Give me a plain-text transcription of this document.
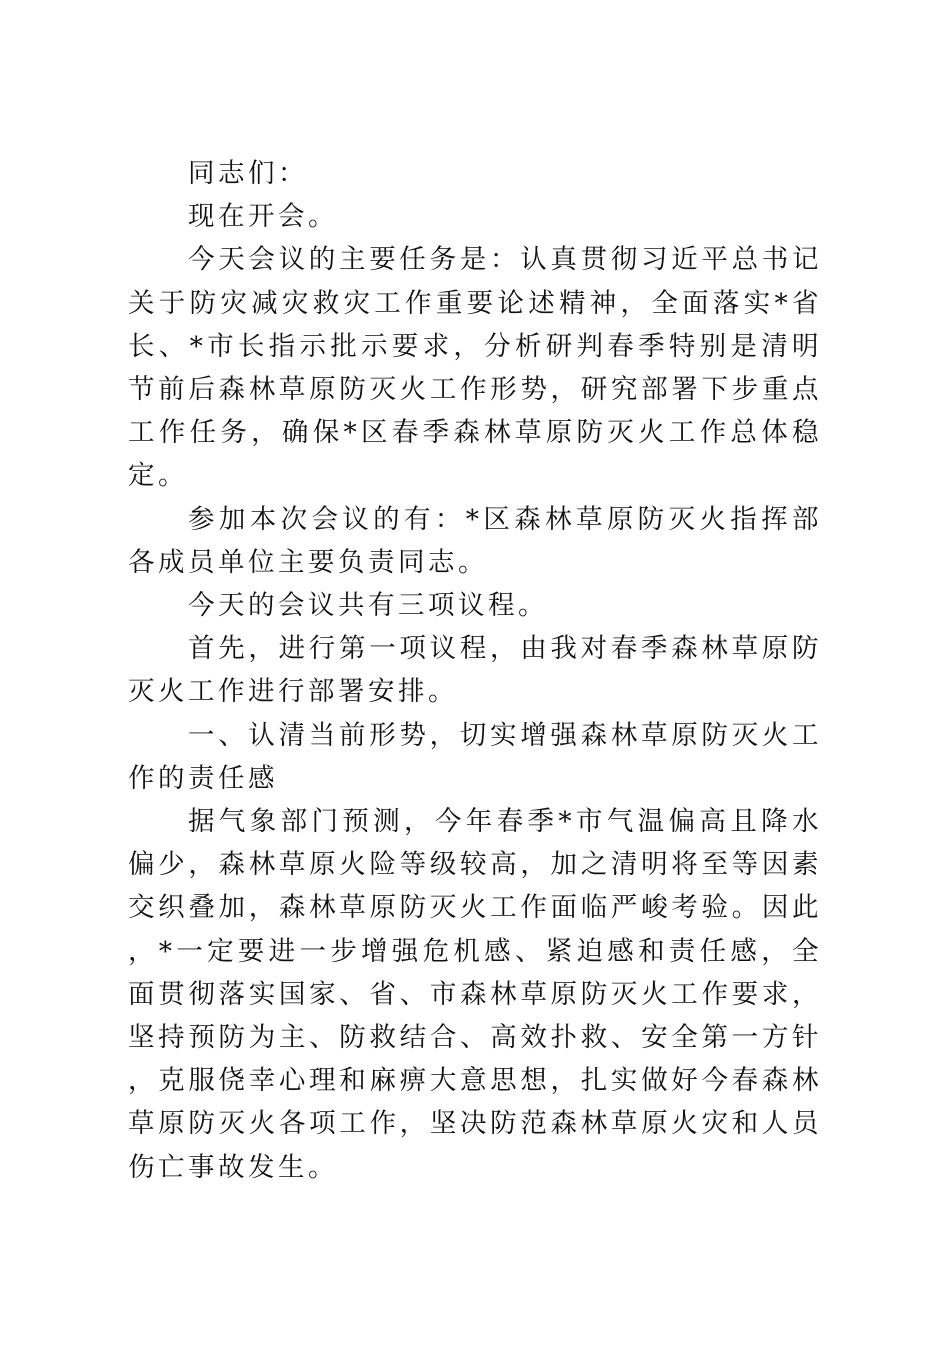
同志们：

现在开会。

今天会议的主要任务是：认真贯彻习近平总书记关于防灾减灾救灾工作重要论述精神，全面落实*省长、*市长指示批示要求，分析研判春季特别是清明节前后森林草原防灭火工作形势，研究部署下步重点工作任务，确保*区春季森林草原防灭火工作总体稳定。

参加本次会议的有：*区森林草原防灭火指挥部各成员单位主要负责同志。

今天的会议共有三项议程。

首先，进行第一项议程，由我对春季森林草原防灭火工作进行部署安排。

一、认清当前形势，切实增强森林草原防灭火工作的责任感

据气象部门预测，今年春季*市气温偏高且降水偏少，森林草原火险等级较高，加之清明将至等因素交织叠加，森林草原防灭火工作面临严峻考验。因此，*一定要进一步增强危机感、紧迫感和责任感，全面贯彻落实国家、省、市森林草原防灭火工作要求，坚持预防为主、防救结合、高效扑救、安全第一方针，克服侥幸心理和麻痹大意思想，扎实做好今春森林草原防灭火各项工作，坚决防范森林草原火灾和人员伤亡事故发生。
